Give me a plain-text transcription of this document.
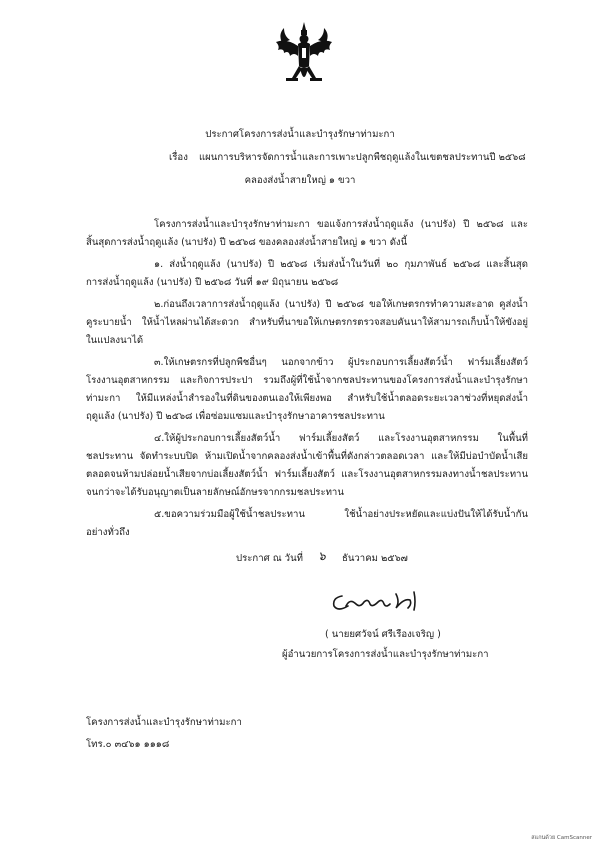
ประกาศโครงการส่งน้ำและบำรุงรักษาท่ามะกา
เรื่อง แผนการบริหารจัดการน้ำและการเพาะปลูกพืชฤดูแล้งในเขตชลประทานปี ๒๕๖๘
คลองส่งน้ำสายใหญ่ ๑ ขวา
โครงการส่งน้ำและบำรุงรักษาท่ามะกา ขอแจ้งการส่งน้ำฤดูแล้ง (นาปรัง) ปี ๒๕๖๘ และ
สิ้นสุดการส่งน้ำฤดูแล้ง (นาปรัง) ปี ๒๕๖๘ ของคลองส่งน้ำสายใหญ่ ๑ ขวา ดังนี้
๑. ส่งน้ำฤดูแล้ง (นาปรัง) ปี ๒๕๖๘ เริ่มส่งน้ำในวันที่ ๒๐ กุมภาพันธ์ ๒๕๖๘ และสิ้นสุด
การส่งน้ำฤดูแล้ง (นาปรัง) ปี ๒๕๖๘ วันที่ ๑๙ มิถุนายน ๒๕๖๘
๒.ก่อนถึงเวลาการส่งน้ำฤดูแล้ง (นาปรัง) ปี ๒๕๖๘ ขอให้เกษตรกรทำความสะอาด คูส่งน้ำ
คูระบายน้ำ ให้น้ำไหลผ่านได้สะดวก สำหรับที่นาขอให้เกษตรกรตรวจสอบคันนาให้สามารถเก็บน้ำให้ขังอยู่
ในแปลงนาได้
๓.ให้เกษตรกรที่ปลูกพืชอื่นๆ นอกจากข้าว ผู้ประกอบการเลี้ยงสัตว์น้ำ ฟาร์มเลี้ยงสัตว์
โรงงานอุตสาหกรรม และกิจการประปา รวมถึงผู้ที่ใช้น้ำจากชลประทานของโครงการส่งน้ำและบำรุงรักษา
ท่ามะกา ให้มีแหล่งน้ำสำรองในที่ดินของตนเองให้เพียงพอ สำหรับใช้น้ำตลอดระยะเวลาช่วงที่หยุดส่งน้ำ
ฤดูแล้ง (นาปรัง) ปี ๒๕๖๘ เพื่อซ่อมแซมและบำรุงรักษาอาคารชลประทาน
๔.ให้ผู้ประกอบการเลี้ยงสัตว์น้ำ ฟาร์มเลี้ยงสัตว์ และโรงงานอุตสาหกรรม ในพื้นที่
ชลประทาน จัดทำระบบปิด ห้ามเปิดน้ำจากคลองส่งน้ำเข้าพื้นที่ดังกล่าวตลอดเวลา และให้มีบ่อบำบัดน้ำเสีย
ตลอดจนห้ามปล่อยน้ำเสียจากบ่อเลี้ยงสัตว์น้ำ ฟาร์มเลี้ยงสัตว์ และโรงงานอุตสาหกรรมลงทางน้ำชลประทาน
จนกว่าจะได้รับอนุญาตเป็นลายลักษณ์อักษรจากกรมชลประทาน
๕.ขอความร่วมมือผู้ใช้น้ำชลประทาน ใช้น้ำอย่างประหยัดและแบ่งปันให้ได้รับน้ำกัน
อย่างทั่วถึง
ประกาศ ณ วันที่ ๖ ธันวาคม ๒๕๖๗
( นายยศวัจน์ ศรีเรืองเจริญ )
ผู้อำนวยการโครงการส่งน้ำและบำรุงรักษาท่ามะกา
โครงการส่งน้ำและบำรุงรักษาท่ามะกา
โทร.๐ ๓๔๖๑ ๑๑๑๘
สแกนด้วย CamScanner
